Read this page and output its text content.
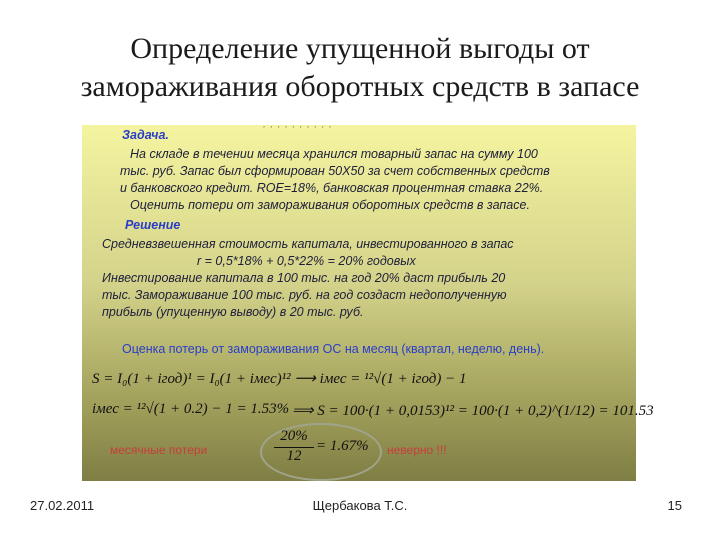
Определение упущенной выгоды от
замораживания оборотных средств в запасе
· · · · · · · · · ·
Задача.
На складе в течении месяца хранился товарный запас на сумму 100
тыс. руб. Запас был сформирован 50Х50 за счет собственных средств
и банковского кредит. ROE=18%, банковская процентная ставка 22%.
Оценить потери от замораживания оборотных средств в запасе.
Решение
Средневзвешенная стоимость капитала, инвестированного в запас
r = 0,5*18% + 0,5*22% = 20% годовых
Инвестирование капитала в 100 тыс. на год 20% даст прибыль 20
тыс. Замораживание 100 тыс. руб. на год создаст недополученную
прибыль (упущенную выводу) в 20 тыс. руб.
Оценка потерь от замораживания ОС на месяц (квартал, неделю, день).
S = I₀(1 + iгод)¹ = I₀(1 + iмес)¹² ⟶ iмес = ¹²√(1 + iгод) − 1
iмес = ¹²√(1 + 0.2) − 1 = 1.53% ⟹ S = 100·(1 + 0,0153)¹² = 100·(1 + 0,2)^(1/12) = 101.53
месячные потери	$\frac{20\%}{12} = 1.67\%$ неверно !!!
27.02.2011	Щербакова Т.С.	15
